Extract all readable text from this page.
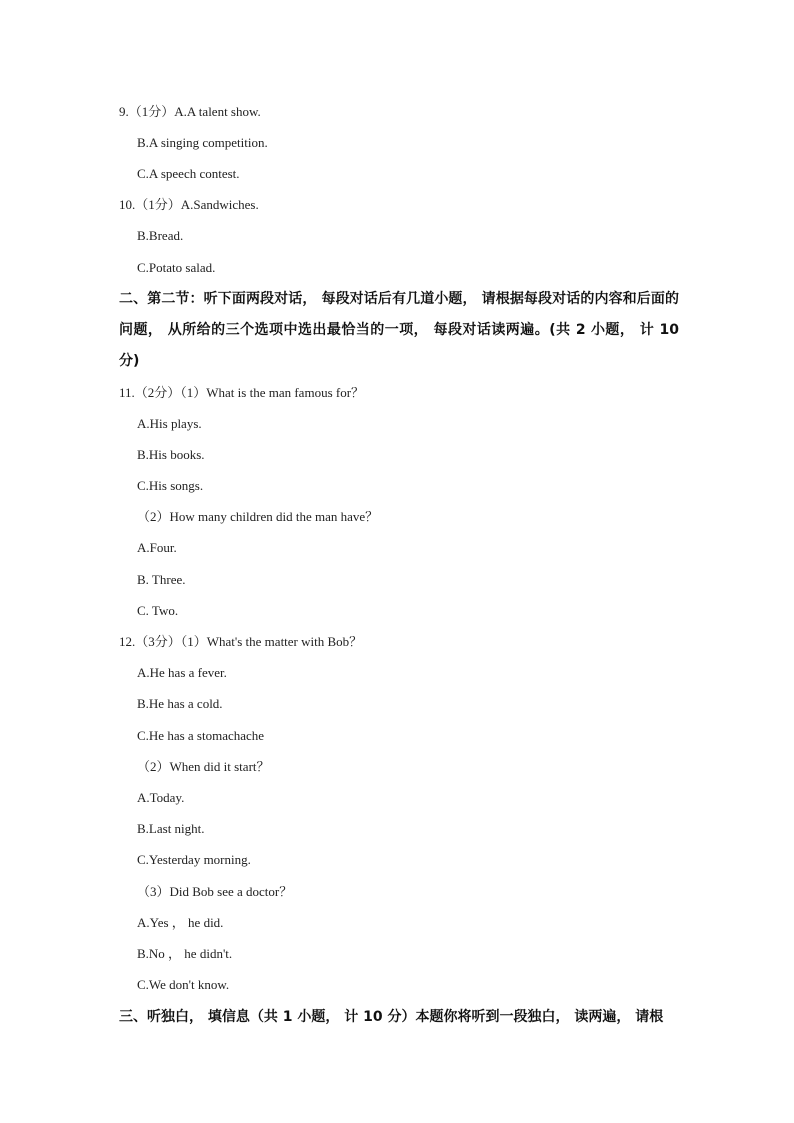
9.（1分）A.A talent show.
B.A singing competition.
C.A speech contest.
10.（1分）A.Sandwiches.
B.Bread.
C.Potato salad.
二、第二节：听下面两段对话， 每段对话后有几道小题， 请根据每段对话的内容和后面的问题， 从所给的三个选项中选出最恰当的一项， 每段对话读两遍。(共 2 小题， 计 10 分)
11.（2分）（1）What is the man famous for？
A.His plays.
B.His books.
C.His songs.
（2）How many children did the man have？
A.Four.
B. Three.
C. Two.
12.（3分）（1）What's the matter with Bob？
A.He has a fever.
B.He has a cold.
C.He has a stomachache
（2）When did it start？
A.Today.
B.Last night.
C.Yesterday morning.
（3）Did Bob see a doctor？
A.Yes ， he did.
B.No ， he didn't.
C.We don't know.
三、听独白， 填信息（共 1 小题， 计 10 分）本题你将听到一段独白， 读两遍， 请根
